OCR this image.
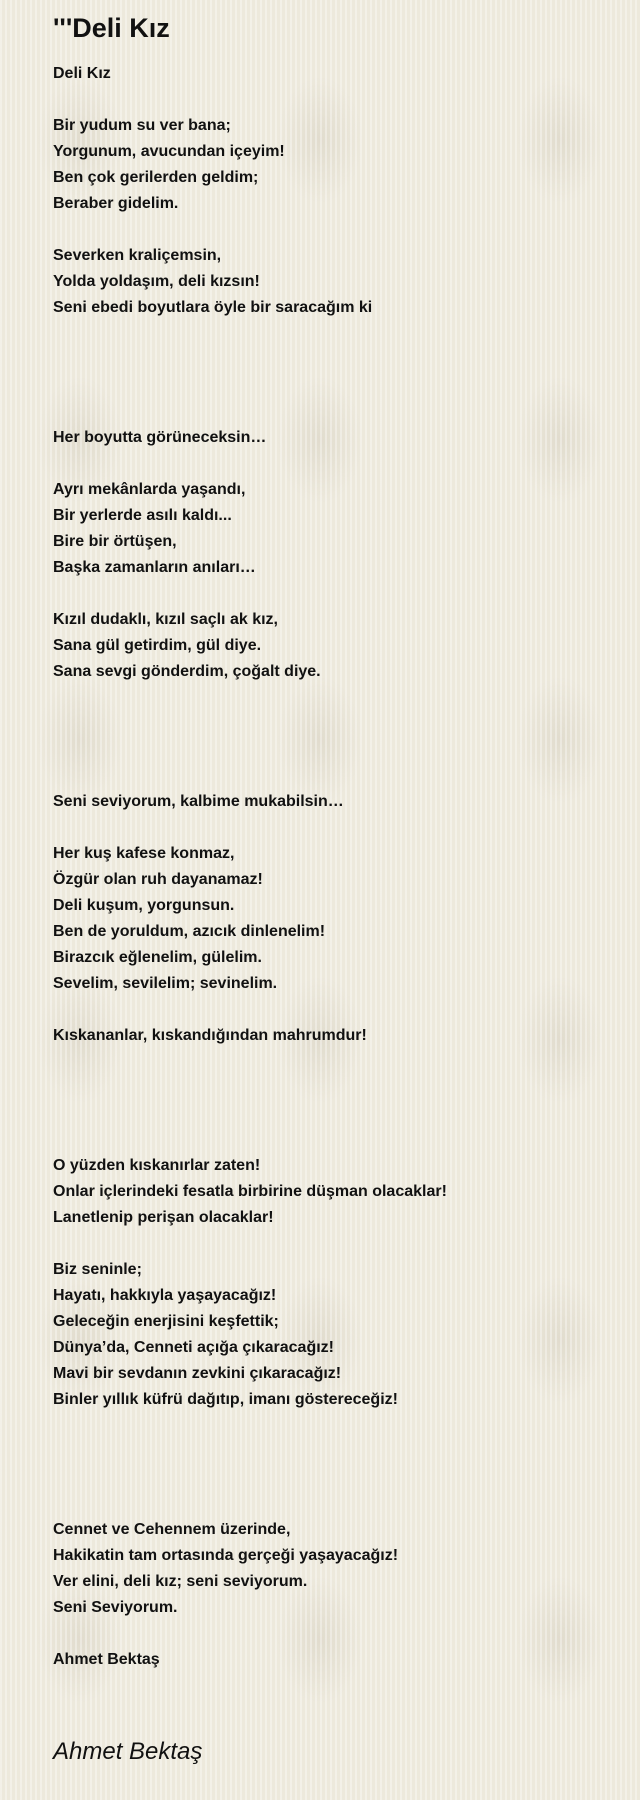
'''Deli Kız
Deli Kız
Bir yudum su ver bana;
Yorgunum, avucundan içeyim!
Ben çok gerilerden geldim;
Beraber gidelim.
Severken kraliçemsin,
Yolda yoldaşım, deli kızsın!
Seni ebedi boyutlara öyle bir saracağım ki
Her boyutta görüneceksin…
Ayrı mekânlarda yaşandı,
Bir yerlerde asılı kaldı...
Bire bir örtüşen,
Başka zamanların anıları…
Kızıl dudaklı, kızıl saçlı ak kız,
Sana gül getirdim, gül diye.
Sana sevgi gönderdim, çoğalt diye.
Seni seviyorum, kalbime mukabilsin…
Her kuş kafese konmaz,
Özgür olan ruh dayanamaz!
Deli kuşum, yorgunsun.
Ben de yoruldum, azıcık dinlenelim!
Birazcık eğlenelim, gülelim.
Sevelim, sevilelim; sevinelim.
Kıskananlar, kıskandığından mahrumdur!
O yüzden kıskanırlar zaten!
Onlar içlerindeki fesatla birbirine düşman olacaklar!
Lanetlenip perişan olacaklar!
Biz seninle;
Hayatı, hakkıyla yaşayacağız!
Geleceğin enerjisini keşfettik;
Dünya’da, Cenneti açığa çıkaracağız!
Mavi bir sevdanın zevkini çıkaracağız!
Binler yıllık küfrü dağıtıp, imanı göstereceğiz!
Cennet ve Cehennem üzerinde,
Hakikatin tam ortasında gerçeği yaşayacağız!
Ver elini, deli kız; seni seviyorum.
Seni Seviyorum.
Ahmet Bektaş
Ahmet Bektaş
